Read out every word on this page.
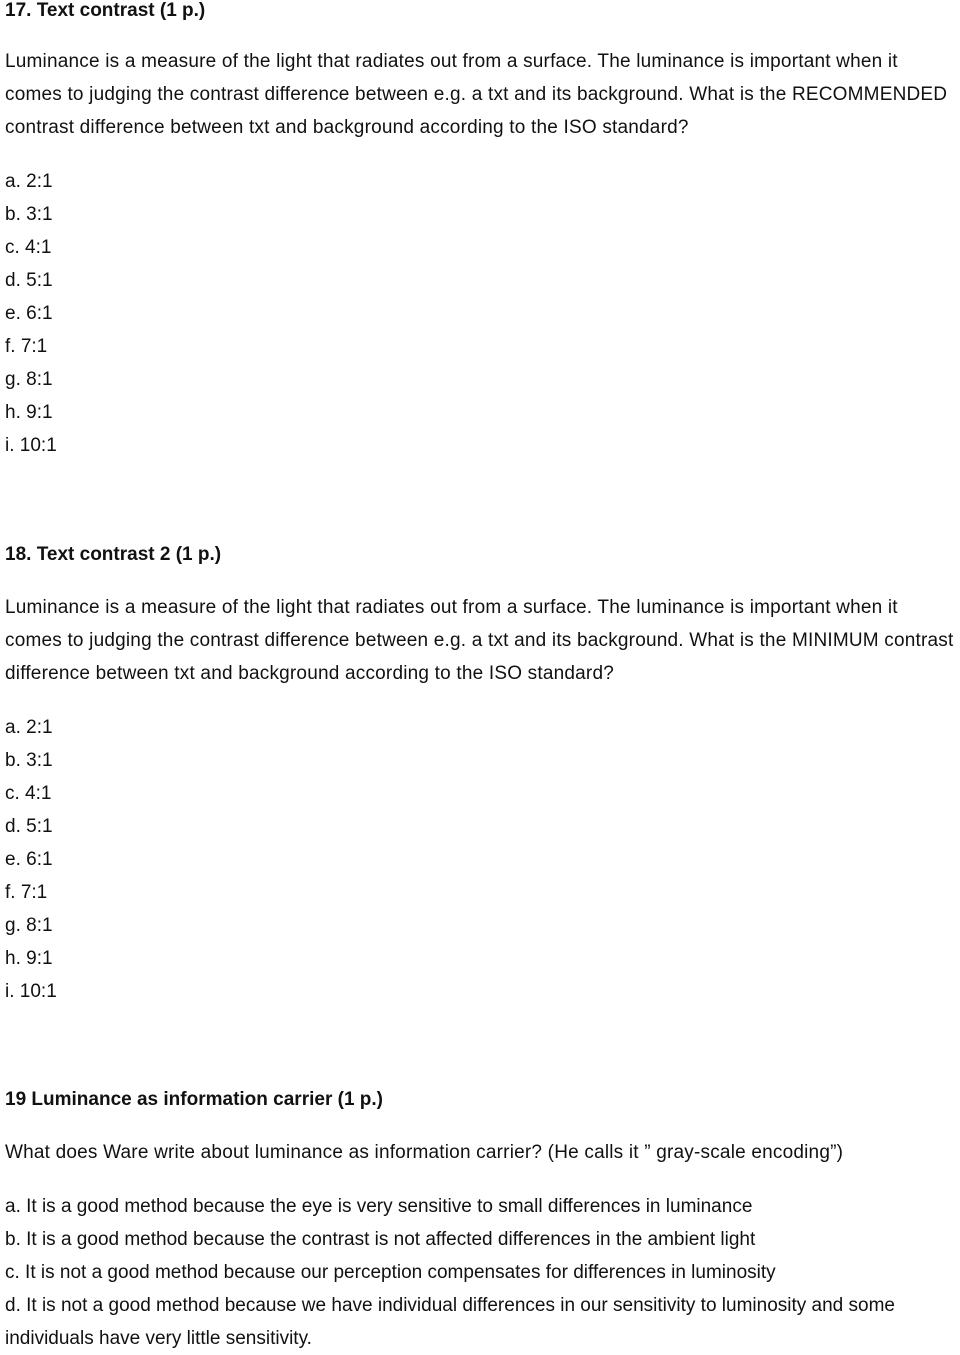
17. Text contrast (1 p.)
Luminance is a measure of the light that radiates out from a surface. The luminance is important when it comes to judging the contrast difference between e.g. a txt and its background. What is the RECOMMENDED contrast difference between txt and background according to the ISO standard?
a. 2:1
b. 3:1
c. 4:1
d. 5:1
e. 6:1
f. 7:1
g. 8:1
h. 9:1
i. 10:1
18. Text contrast 2 (1 p.)
Luminance is a measure of the light that radiates out from a surface. The luminance is important when it comes to judging the contrast difference between e.g. a txt and its background. What is the MINIMUM contrast difference between txt and background according to the ISO standard?
a. 2:1
b. 3:1
c. 4:1
d. 5:1
e. 6:1
f. 7:1
g. 8:1
h. 9:1
i. 10:1
19 Luminance as information carrier (1 p.)
What does Ware write about luminance as information carrier? (He calls it ” gray-scale encoding”)
a. It is a good method because the eye is very sensitive to small differences in luminance
b. It is a good method because the contrast is not affected differences in the ambient light
c. It is not a good method because our perception compensates for differences in luminosity
d. It is not a good method because we have individual differences in our sensitivity to luminosity and some individuals have very little sensitivity.
